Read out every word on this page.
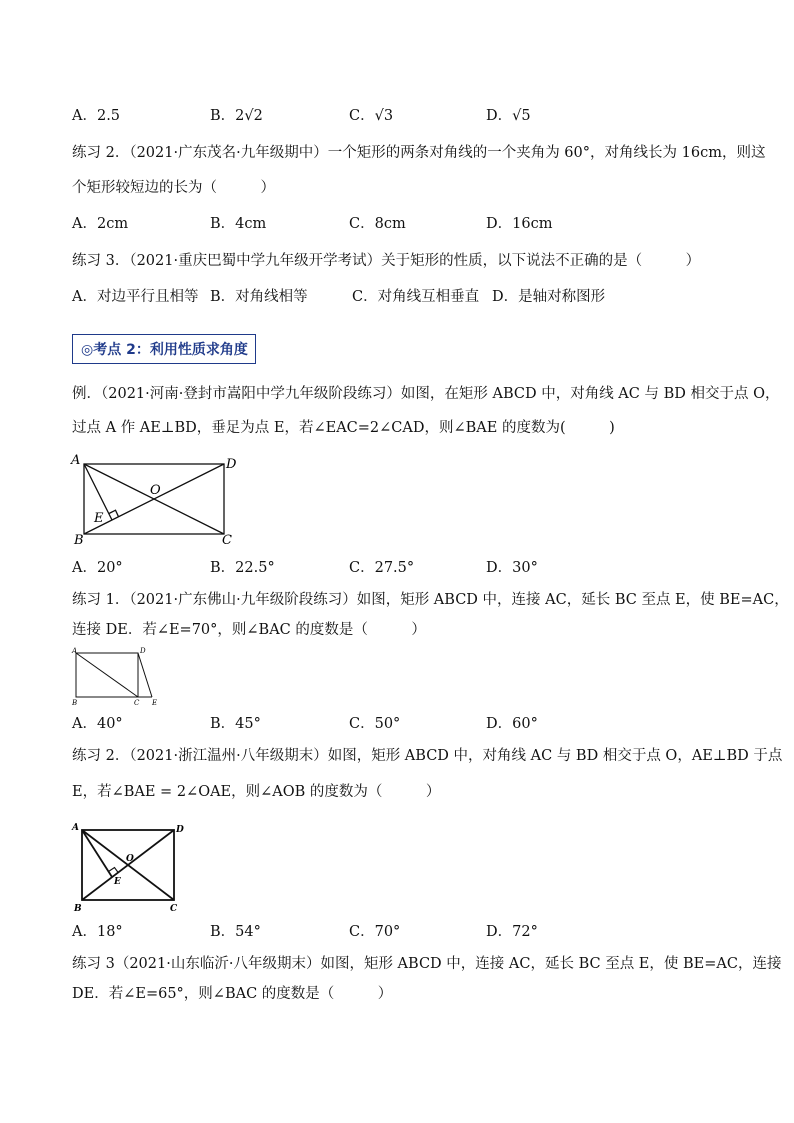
A．2.5	B．2√2	C．√3	D．√5
练习 2．（2021·广东茂名·九年级期中）一个矩形的两条对角线的一个夹角为 60°，对角线长为 16cm，则这
个矩形较短边的长为（　　　）
A．2cm	B．4cm	C．8cm	D．16cm
练习 3．（2021·重庆巴蜀中学九年级开学考试）关于矩形的性质，以下说法不正确的是（　　　）
A．对边平行且相等 B．对角线相等	C．对角线互相垂直 D．是轴对称图形
◎考点 2：利用性质求角度
例．（2021·河南·登封市嵩阳中学九年级阶段练习）如图，在矩形 ABCD 中，对角线 AC 与 BD 相交于点 O，
过点 A 作 AE⊥BD，垂足为点 E，若∠EAC=2∠CAD，则∠BAE 的度数为(　　　)
A	D
B	C
O
E
A．20°	B．22.5°	C．27.5°	D．30°
练习 1．（2021·广东佛山·九年级阶段练习）如图，矩形 ABCD 中，连接 AC，延长 BC 至点 E，使 BE=AC，
连接 DE．若∠E=70°，则∠BAC 的度数是（　　　）
A	D
B	C E
A．40°	B．45°	C．50°	D．60°
练习 2．（2021·浙江温州·八年级期末）如图，矩形 ABCD 中，对角线 AC 与 BD 相交于点 O，AE⊥BD 于点
E，若∠BAE = 2∠OAE，则∠AOB 的度数为（　　　）
A	D
B	C
O
E
A．18°	B．54°	C．70°	D．72°
练习 3（2021·山东临沂·八年级期末）如图，矩形 ABCD 中，连接 AC，延长 BC 至点 E，使 BE=AC，连接
DE．若∠E=65°，则∠BAC 的度数是（　　　）
